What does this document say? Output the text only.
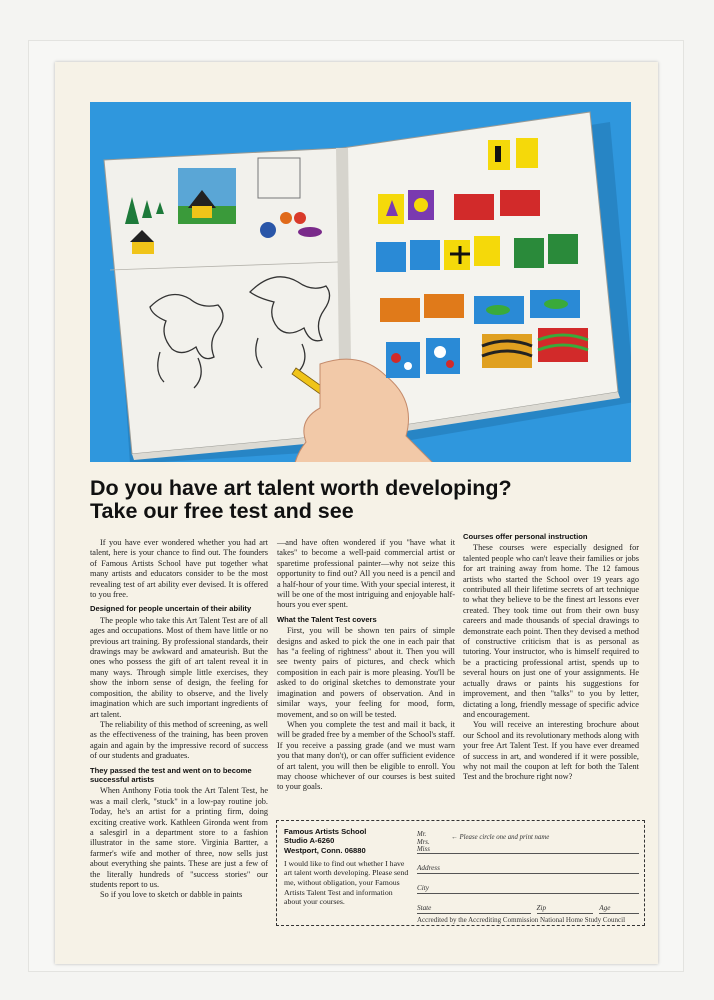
Do you have art talent worth developing?
Take our free test and see

If you have ever wondered whether you had art talent, here is your chance to find out. The founders of Famous Artists School have put together what many artists and educators consider to be the most revealing test of art ability ever devised. It is offered to you free.

Designed for people uncertain of their ability

The people who take this Art Talent Test are of all ages and occupations. Most of them have little or no previous art training. By professional standards, their drawings may be awkward and amateurish. But the ones who possess the gift of art talent reveal it in many ways. Through simple little exercises, they show the inborn sense of design, the feeling for composition, the ability to observe, and the lively imagination which are such important ingredients of art talent.

The reliability of this method of screening, as well as the effectiveness of the training, has been proven again and again by the impressive record of success of our students and graduates.

They passed the test and went on to become successful artists

When Anthony Fotia took the Art Talent Test, he was a mail clerk, "stuck" in a low-pay routine job. Today, he's an artist for a printing firm, doing exciting creative work. Kathleen Gironda went from a salesgirl in a department store to a fashion illustrator in the same store. Virginia Bartter, a farmer's wife and mother of three, now sells just about everything she paints. These are just a few of the literally hundreds of "success stories" our students report to us.

So if you love to sketch or dabble in paints

—and have often wondered if you "have what it takes" to become a well-paid commercial artist or sparetime professional painter—why not seize this opportunity to find out? All you need is a pencil and a half-hour of your time. With your special interest, it will be one of the most intriguing and enjoyable half-hours you ever spent.

What the Talent Test covers

First, you will be shown ten pairs of simple designs and asked to pick the one in each pair that has "a feeling of rightness" about it. Then you will see twenty pairs of pictures, and check which composition in each pair is more pleasing. You'll be asked to do original sketches to demonstrate your imagination and powers of observation. And in similar ways, your feeling for mood, form, movement, and so on will be tested.

When you complete the test and mail it back, it will be graded free by a member of the School's staff. If you receive a passing grade (and we must warn you that many don't), or can offer sufficient evidence of art talent, you will then be eligible to enroll. You may choose whichever of our courses is best suited to your goals.

Courses offer personal instruction

These courses were especially designed for talented people who can't leave their families or jobs for art training away from home. The 12 famous artists who started the School over 19 years ago contributed all their lifetime secrets of art technique to what they believe to be the finest art lessons ever created. They took time out from their own busy careers and made thousands of special drawings to demonstrate each point. Then they devised a method of constructive criticism that is as personal as tutoring. Your instructor, who is himself required to be a practicing professional artist, spends up to several hours on just one of your assignments. He actually draws or paints his suggestions for improvement, and then "talks" to you by letter, dictating a long, friendly message of specific advice and encouragement.

You will receive an interesting brochure about our School and its revolutionary methods along with your free Art Talent Test. If you have ever dreamed of success in art, and wondered if it were possible, why not mail the coupon at left for both the Talent Test and the brochure right now?

Famous Artists School
Studio A-6260
Westport, Conn. 06880
I would like to find out whether I have art talent worth developing. Please send me, without obligation, your Famous Artists Talent Test and information about your courses.
Mr.
Mrs.
Miss
← Please circle one and print name
Address
City
State	Zip	Age
Accredited by the Accrediting Commission National Home Study Council
